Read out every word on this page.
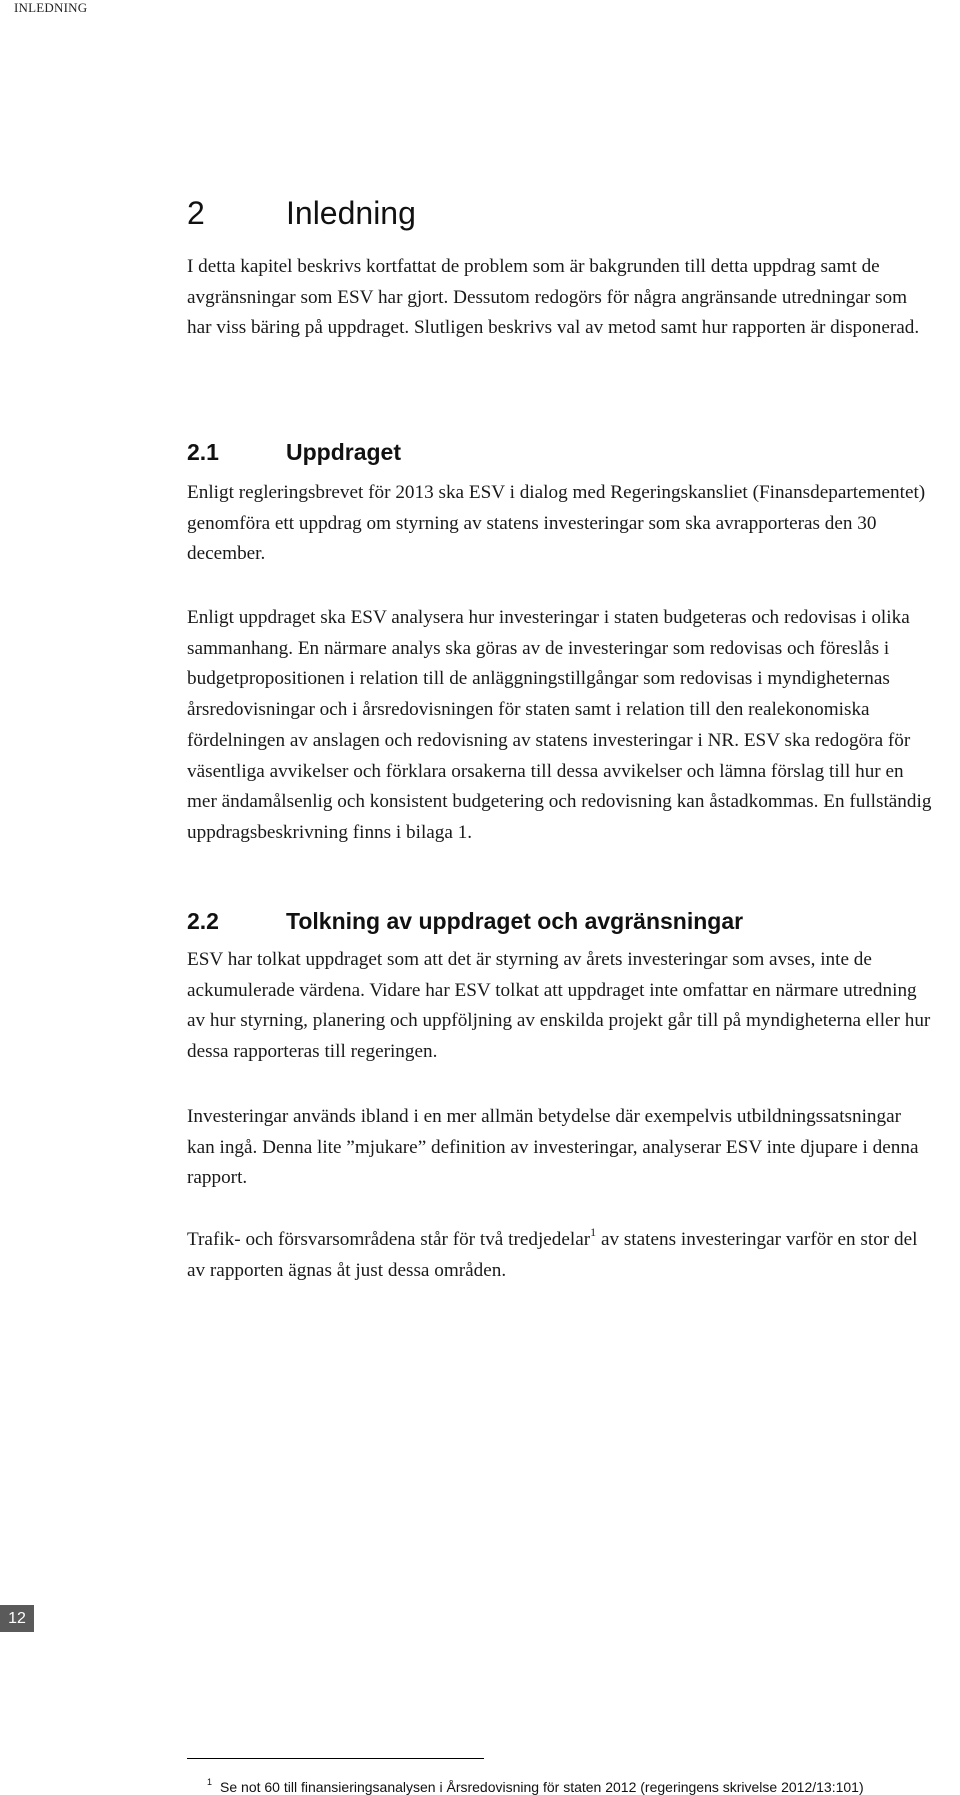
INLEDNING
2	Inledning

I detta kapitel beskrivs kortfattat de problem som är bakgrunden till detta uppdrag samt de avgränsningar som ESV har gjort. Dessutom redogörs för några angränsande utredningar som har viss bäring på uppdraget. Slutligen beskrivs val av metod samt hur rapporten är disponerad.

2.1	Uppdraget

Enligt regleringsbrevet för 2013 ska ESV i dialog med Regeringskansliet (Finansdepartementet) genomföra ett uppdrag om styrning av statens investeringar som ska avrapporteras den 30 december.

Enligt uppdraget ska ESV analysera hur investeringar i staten budgeteras och redovisas i olika sammanhang. En närmare analys ska göras av de investeringar som redovisas och föreslås i budgetpropositionen i relation till de anläggningstillgångar som redovisas i myndigheternas årsredovisningar och i årsredovisningen för staten samt i relation till den realekonomiska fördelningen av anslagen och redovisning av statens investeringar i NR. ESV ska redogöra för väsentliga avvikelser och förklara orsakerna till dessa avvikelser och lämna förslag till hur en mer ändamålsenlig och konsistent budgetering och redovisning kan åstadkommas. En fullständig uppdragsbeskrivning finns i bilaga 1.

2.2	Tolkning av uppdraget och avgränsningar

ESV har tolkat uppdraget som att det är styrning av årets investeringar som avses, inte de ackumulerade värdena. Vidare har ESV tolkat att uppdraget inte omfattar en närmare utredning av hur styrning, planering och uppföljning av enskilda projekt går till på myndigheterna eller hur dessa rapporteras till regeringen.

Investeringar används ibland i en mer allmän betydelse där exempelvis utbildningssatsningar kan ingå. Denna lite ”mjukare” definition av investeringar, analyserar ESV inte djupare i denna rapport.

Trafik- och försvarsområdena står för två tredjedelar$^1$ av statens investeringar varför en stor del av rapporten ägnas åt just dessa områden.

$^1$ Se not 60 till finansieringsanalysen i Årsredovisning för staten 2012 (regeringens skrivelse 2012/13:101)
12
